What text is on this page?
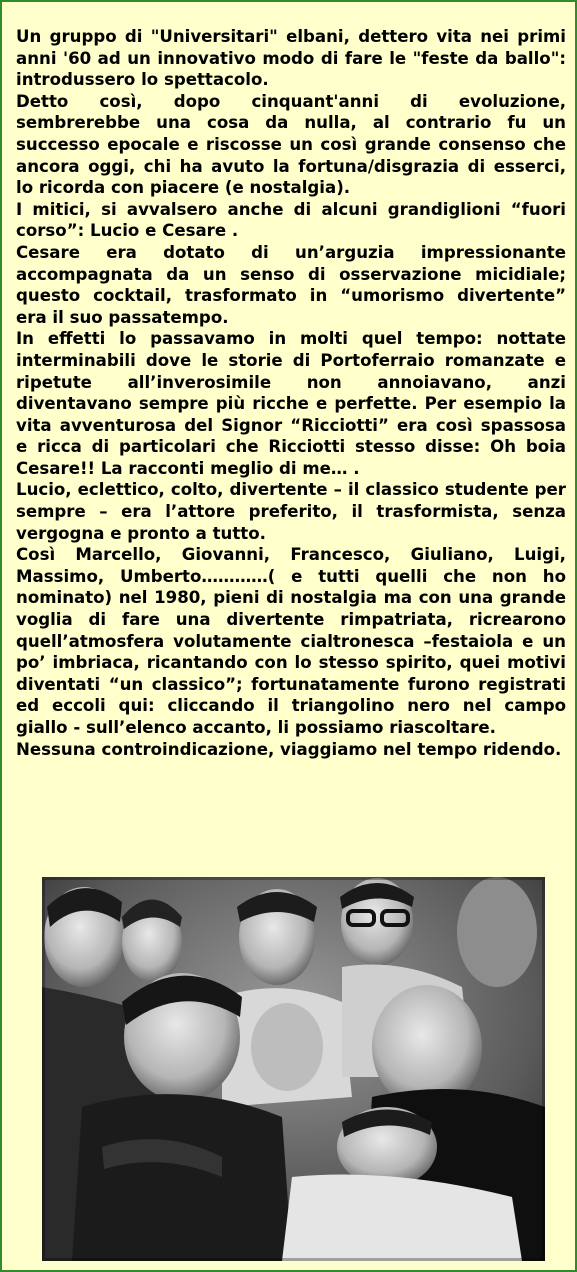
Un gruppo di "Universitari" elbani, dettero vita nei primi anni '60 ad un innovativo modo di fare le "feste da ballo": introdussero lo spettacolo.

Detto così, dopo cinquant'anni di evoluzione, sembrerebbe una cosa da nulla, al contrario fu un successo epocale e riscosse un così grande consenso che ancora oggi, chi ha avuto la fortuna/disgrazia di esserci, lo ricorda con piacere (e nostalgia).

I mitici, si avvalsero anche di alcuni grandiglioni “fuori corso”: Lucio e Cesare .

Cesare era dotato di un’arguzia impressionante accompagnata da un senso di osservazione micidiale; questo cocktail, trasformato in “umorismo divertente” era il suo passatempo.

In effetti lo passavamo in molti quel tempo: nottate interminabili dove le storie di Portoferraio romanzate e ripetute all’inverosimile non annoiavano, anzi diventavano sempre più ricche e perfette. Per esempio la vita avventurosa del Signor “Ricciotti” era così spassosa e ricca di particolari che Ricciotti stesso disse: Oh boia Cesare!! La racconti meglio di me… .

Lucio, eclettico, colto, divertente – il classico studente per sempre – era l’attore preferito, il trasformista, senza vergogna e pronto a tutto.

Così Marcello, Giovanni, Francesco, Giuliano, Luigi, Massimo, Umberto…………( e tutti quelli che non ho nominato) nel 1980, pieni di nostalgia ma con una grande voglia di fare una divertente rimpatriata, ricrearono quell’atmosfera volutamente cialtronesca –festaiola e un po’ imbriaca, ricantando con lo stesso spirito, quei motivi diventati “un classico”; fortunatamente furono registrati ed eccoli qui: cliccando il triangolino nero nel campo giallo - sull’elenco accanto, li possiamo riascoltare.

Nessuna controindicazione, viaggiamo nel tempo ridendo.
